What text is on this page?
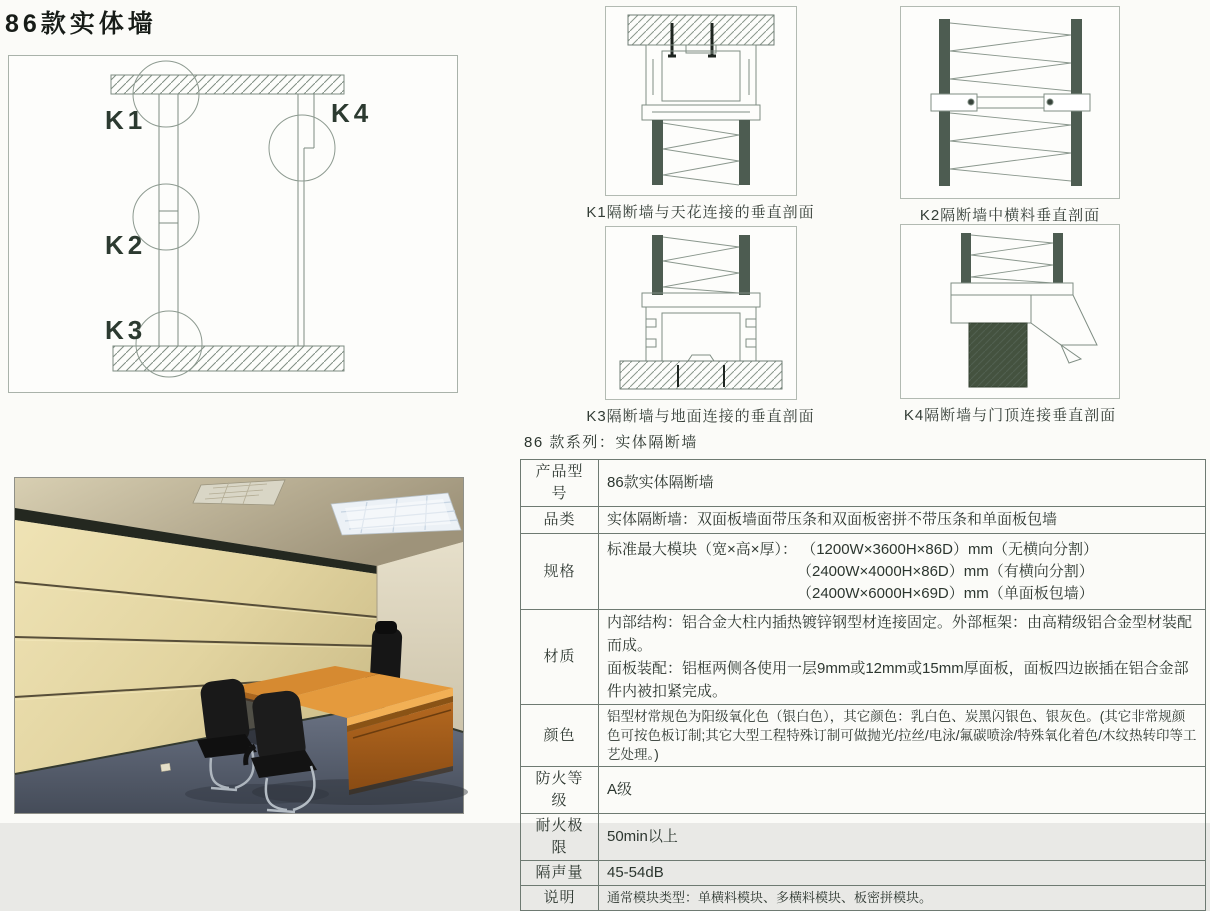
86款实体墙
K1
K2
K3
K4
K1隔断墙与天花连接的垂直剖面	K2隔断墙中横料垂直剖面
K3隔断墙与地面连接的垂直剖面	K4隔断墙与门顶连接垂直剖面
86 款系列：实体隔断墙
产品型号	86款实体隔断墙
品类	实体隔断墙：双面板墙面带压条和双面板密拼不带压条和单面板包墙
规格	标准最大模块（宽×高×厚）： （1200W×3600H×86D）mm（无横向分割）
（2400W×4000H×86D）mm（有横向分割）
（2400W×6000H×69D）mm（单面板包墙）

材质	内部结构：铝合金大柱内插热镀锌钢型材连接固定。外部框架：由高精级铝合金型材装配而成。
面板装配：铝框两侧各使用一层9mm或12mm或15mm厚面板，面板四边嵌插在铝合金部件内被扣紧完成。

颜色	铝型材常规色为阳级氧化色（银白色），其它颜色：乳白色、炭黑闪银色、银灰色。(其它非常规颜色可按色板订制;其它大型工程特殊订制可做抛光/拉丝/电泳/氟碳喷涂/特殊氧化着色/木纹热转印等工艺处理。)
防火等级	A级
耐火极限	50min以上
隔声量	45-54dB
说明	通常模块类型：单横料模块、多横料模块、板密拼模块。
